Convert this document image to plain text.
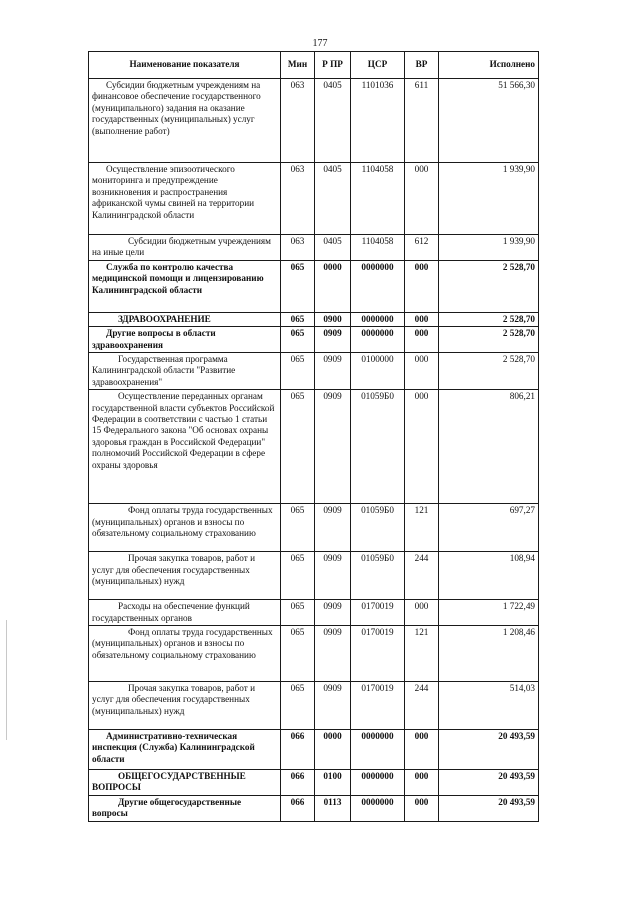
177
Наименование показателя	Мин	Р ПР	ЦСР	ВР	Исполнено
Субсидии бюджетным учреждениям на финансовое обеспечение государственного (муниципального) задания на оказание государственных (муниципальных) услуг (выполнение работ)	063	0405	1101036	611	51 566,30
Осуществление эпизоотического мониторинга и предупреждение возникновения и распространения африканской чумы свиней на территории Калининградской области	063	0405	1104058	000	1 939,90
Субсидии бюджетным учреждениям на иные цели	063	0405	1104058	612	1 939,90
Служба по контролю качества медицинской помощи и лицензированию Калининградской области	065	0000	0000000	000	2 528,70
ЗДРАВООХРАНЕНИЕ	065	0900	0000000	000	2 528,70
Другие вопросы в области здравоохранения	065	0909	0000000	000	2 528,70
Государственная программа Калининградской области "Развитие здравоохранения"	065	0909	0100000	000	2 528,70
Осуществление переданных органам государственной власти субъектов Российской Федерации в соответствии с частью 1 статьи 15 Федерального закона "Об основах охраны здоровья граждан в Российской Федерации" полномочий Российской Федерации в сфере охраны здоровья	065	0909	01059Б0	000	806,21
Фонд оплаты труда государственных (муниципальных) органов и взносы по обязательному социальному страхованию	065	0909	01059Б0	121	697,27
Прочая закупка товаров, работ и услуг для обеспечения государственных (муниципальных) нужд	065	0909	01059Б0	244	108,94
Расходы на обеспечение функций государственных органов	065	0909	0170019	000	1 722,49
Фонд оплаты труда государственных (муниципальных) органов и взносы по обязательному социальному страхованию	065	0909	0170019	121	1 208,46
Прочая закупка товаров, работ и услуг для обеспечения государственных (муниципальных) нужд	065	0909	0170019	244	514,03
Административно-техническая инспекция (Служба) Калининградской области	066	0000	0000000	000	20 493,59
ОБЩЕГОСУДАРСТВЕННЫЕ ВОПРОСЫ	066	0100	0000000	000	20 493,59
Другие общегосударственные вопросы	066	0113	0000000	000	20 493,59
